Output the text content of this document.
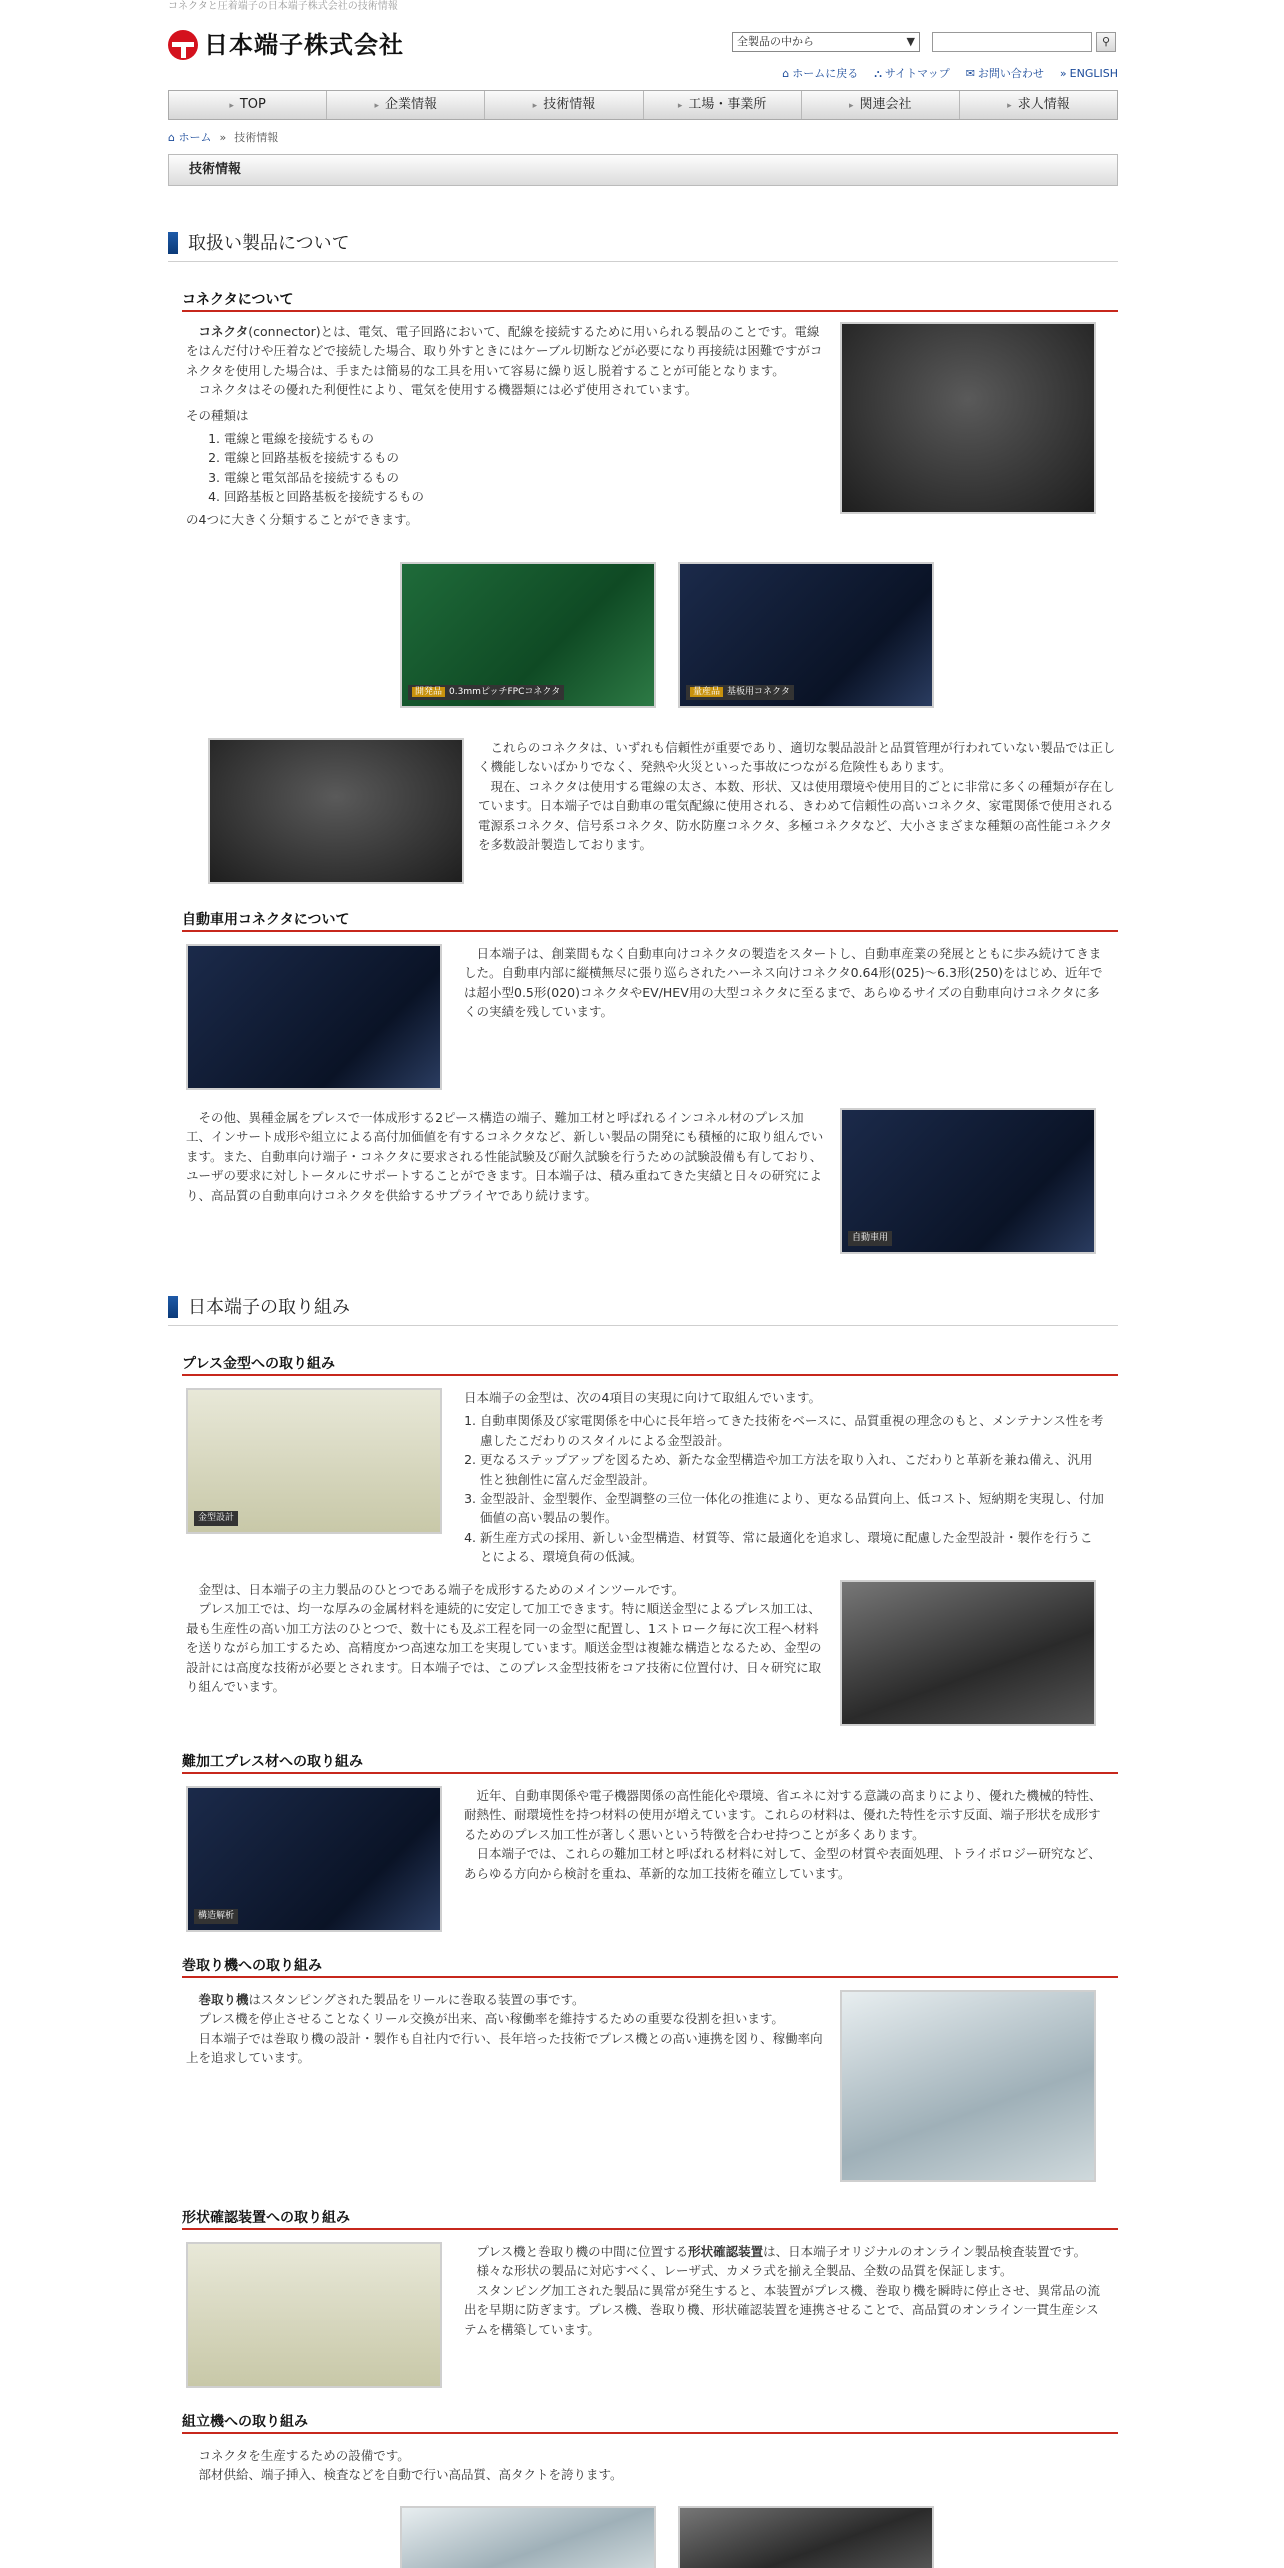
コネクタと圧着端子の日本端子株式会社の技術情報
日本端子株式会社	全製品の中から	▼	⚲
⌂ ホームに戻る ⛬ サイトマップ ✉ お問い合わせ » ENGLISH
▸ TOP	▸ 企業情報	▸ 技術情報	▸ 工場・事業所	▸ 関連会社	▸ 求人情報
⌂ ホーム » 技術情報
技術情報
取扱い製品について
コネクタについて

コネクタ(connector)とは、電気、電子回路において、配線を接続するために用いられる製品のことです。電線をはんだ付けや圧着などで接続した場合、取り外すときにはケーブル切断などが必要になり再接続は困難ですがコネクタを使用した場合は、手または簡易的な工具を用いて容易に繰り返し脱着することが可能となります。

コネクタはその優れた利便性により、電気を使用する機器類には必ず使用されています。

その種類は
1. 電線と電線を接続するもの
2. 電線と回路基板を接続するもの
3. 電線と電気部品を接続するもの
4. 回路基板と回路基板を接続するもの
の4つに大きく分類することができます。
開発品 0.3mmピッチFPCコネクタ	量産品 基板用コネクタ

これらのコネクタは、いずれも信頼性が重要であり、適切な製品設計と品質管理が行われていない製品では正しく機能しないばかりでなく、発熱や火災といった事故につながる危険性もあります。

現在、コネクタは使用する電線の太さ、本数、形状、又は使用環境や使用目的ごとに非常に多くの種類が存在しています。日本端子では自動車の電気配線に使用される、きわめて信頼性の高いコネクタ、家電関係で使用される電源系コネクタ、信号系コネクタ、防水防塵コネクタ、多極コネクタなど、大小さまざまな種類の高性能コネクタを多数設計製造しております。

自動車用コネクタについて

日本端子は、創業間もなく自動車向けコネクタの製造をスタートし、自動車産業の発展とともに歩み続けてきました。自動車内部に縦横無尽に張り巡らされたハーネス向けコネクタ0.64形(025)〜6.3形(250)をはじめ、近年では超小型0.5形(020)コネクタやEV/HEV用の大型コネクタに至るまで、あらゆるサイズの自動車向けコネクタに多くの実績を残しています。

その他、異種金属をプレスで一体成形する2ピース構造の端子、難加工材と呼ばれるインコネル材のプレス加工、インサート成形や組立による高付加価値を有するコネクタなど、新しい製品の開発にも積極的に取り組んでいます。また、自動車向け端子・コネクタに要求される性能試験及び耐久試験を行うための試験設備も有しており、ユーザの要求に対しトータルにサポートすることができます。日本端子は、積み重ねてきた実績と日々の研究により、高品質の自動車向けコネクタを供給するサプライヤであり続けます。

自動車用
日本端子の取り組み
プレス金型への取り組み
金型設計
日本端子の金型は、次の4項目の実現に向けて取組んでいます。
1. 自動車関係及び家電関係を中心に長年培ってきた技術をベースに、品質重視の理念のもと、メンテナンス性を考慮したこだわりのスタイルによる金型設計。
2. 更なるステップアップを図るため、新たな金型構造や加工方法を取り入れ、こだわりと革新を兼ね備え、汎用性と独創性に富んだ金型設計。
3. 金型設計、金型製作、金型調整の三位一体化の推進により、更なる品質向上、低コスト、短納期を実現し、付加価値の高い製品の製作。
4. 新生産方式の採用、新しい金型構造、材質等、常に最適化を追求し、環境に配慮した金型設計・製作を行うことによる、環境負荷の低減。

金型は、日本端子の主力製品のひとつである端子を成形するためのメインツールです。

プレス加工では、均一な厚みの金属材料を連続的に安定して加工できます。特に順送金型によるプレス加工は、最も生産性の高い加工方法のひとつで、数十にも及ぶ工程を同一の金型に配置し、1ストローク毎に次工程へ材料を送りながら加工するため、高精度かつ高速な加工を実現しています。順送金型は複雑な構造となるため、金型の設計には高度な技術が必要とされます。日本端子では、このプレス金型技術をコア技術に位置付け、日々研究に取り組んでいます。

難加工プレス材への取り組み
構造解析

近年、自動車関係や電子機器関係の高性能化や環境、省エネに対する意識の高まりにより、優れた機械的特性、耐熱性、耐環境性を持つ材料の使用が増えています。これらの材料は、優れた特性を示す反面、端子形状を成形するためのプレス加工性が著しく悪いという特徴を合わせ持つことが多くあります。

日本端子では、これらの難加工材と呼ばれる材料に対して、金型の材質や表面処理、トライボロジー研究など、あらゆる方向から検討を重ね、革新的な加工技術を確立しています。

巻取り機への取り組み

巻取り機はスタンピングされた製品をリールに巻取る装置の事です。

プレス機を停止させることなくリール交換が出来、高い稼働率を維持するための重要な役割を担います。

日本端子では巻取り機の設計・製作も自社内で行い、長年培った技術でプレス機との高い連携を図り、稼働率向上を追求しています。

形状確認装置への取り組み

プレス機と巻取り機の中間に位置する形状確認装置は、日本端子オリジナルのオンライン製品検査装置です。

様々な形状の製品に対応すべく、レーザ式、カメラ式を揃え全製品、全数の品質を保証します。

スタンピング加工された製品に異常が発生すると、本装置がプレス機、巻取り機を瞬時に停止させ、異常品の流出を早期に防ぎます。プレス機、巻取り機、形状確認装置を連携させることで、高品質のオンライン一貫生産システムを構築しています。

組立機への取り組み

コネクタを生産するための設備です。

部材供給、端子挿入、検査などを自動で行い高品質、高タクトを誇ります。
